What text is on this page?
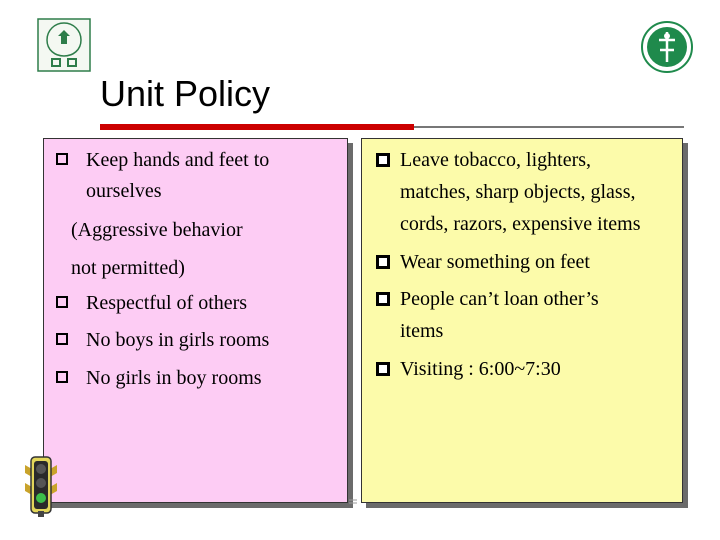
Unit Policy
Keep hands and feet to
ourselves
(Aggressive behavior
not permitted)
Respectful of others
No boys in girls rooms
No girls in boy rooms
Leave tobacco, lighters,
matches, sharp objects, glass,
cords, razors, expensive items
Wear something on feet
People can’t loan other’s
items
Visiting : 6:00~7:30
